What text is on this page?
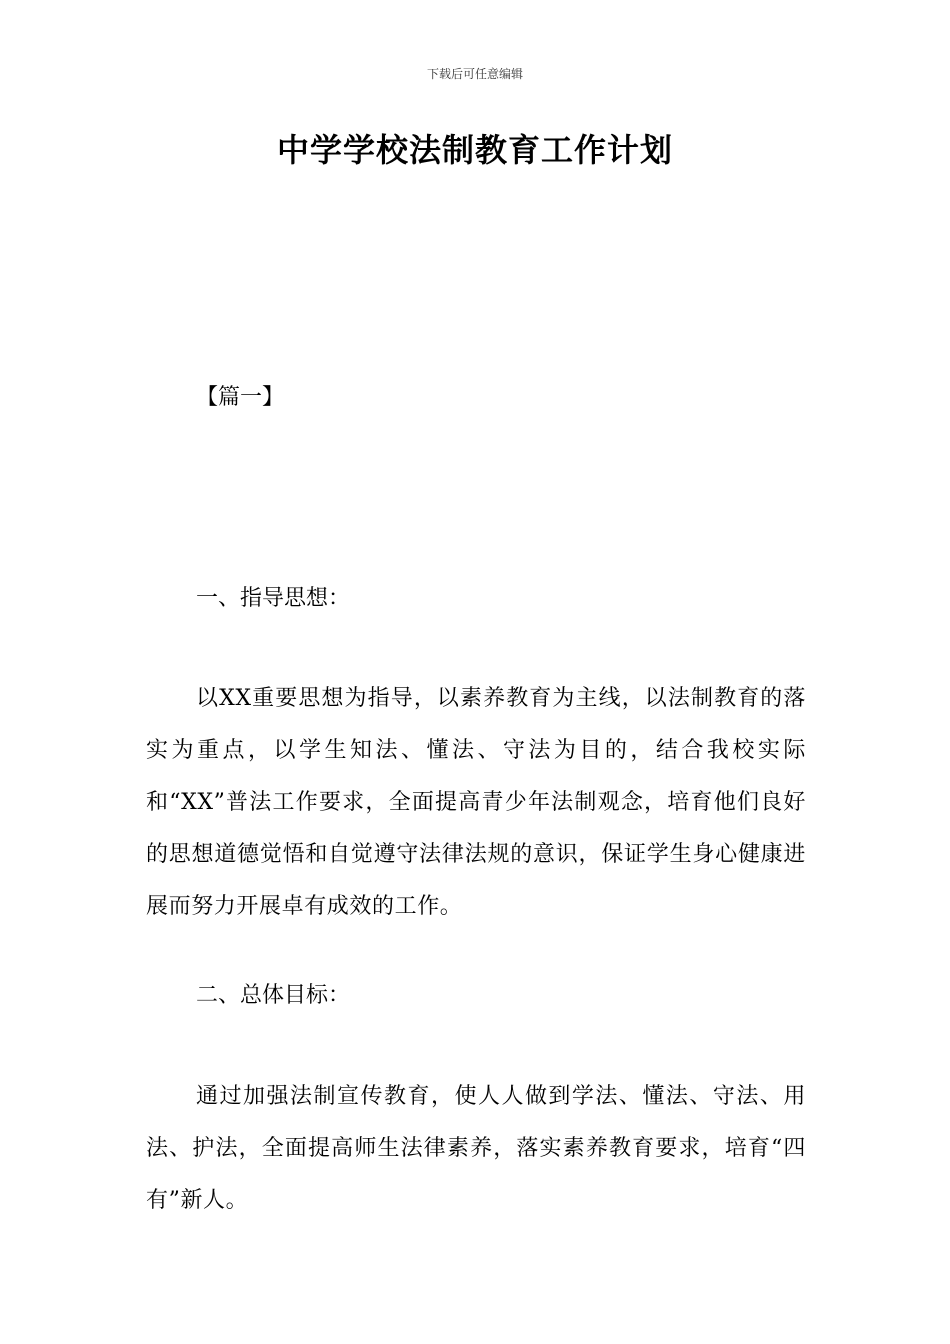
下载后可任意编辑
中学学校法制教育工作计划
【篇一】
一、指导思想：

以XX重要思想为指导，以素养教育为主线，以法制教育的落实为重点，以学生知法、懂法、守法为目的，结合我校实际和“XX”普法工作要求，全面提高青少年法制观念，培育他们良好的思想道德觉悟和自觉遵守法律法规的意识，保证学生身心健康进展而努力开展卓有成效的工作。

二、总体目标：

通过加强法制宣传教育，使人人做到学法、懂法、守法、用法、护法，全面提高师生法律素养，落实素养教育要求，培育“四有”新人。
